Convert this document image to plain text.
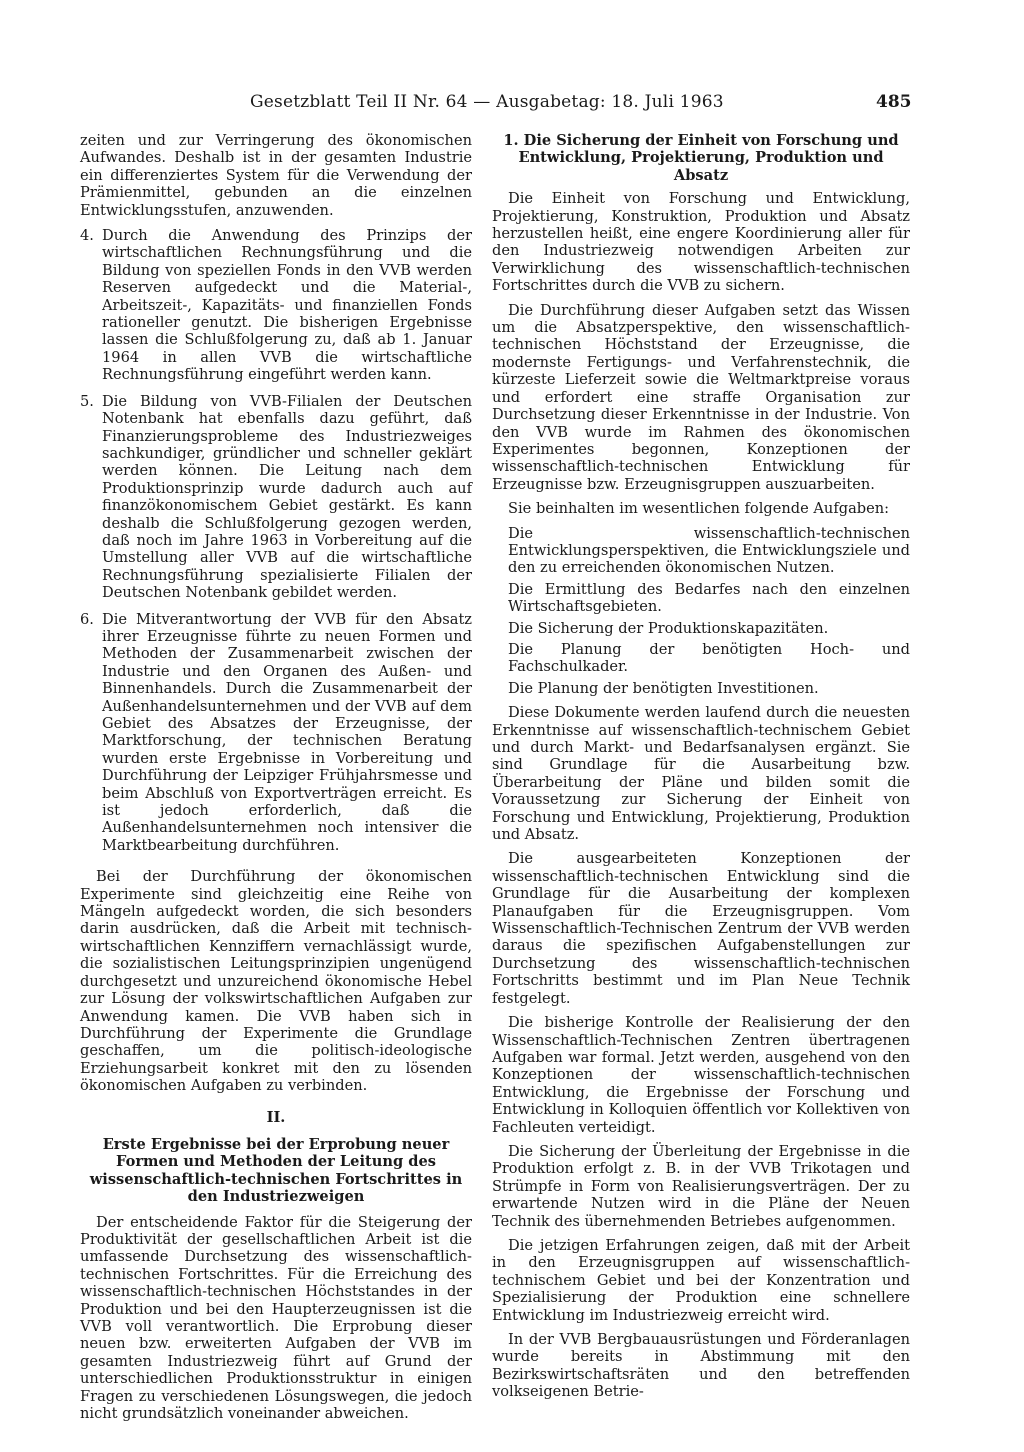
Gesetzblatt Teil II Nr. 64 — Ausgabetag: 18. Juli 1963	485

zeiten und zur Verringerung des ökonomischen Aufwandes. Deshalb ist in der gesamten Industrie ein differenziertes System für die Verwendung der Prämienmittel, gebunden an die einzelnen Entwicklungsstufen, anzuwenden.

4. Durch die Anwendung des Prinzips der wirtschaftlichen Rechnungsführung und die Bildung von speziellen Fonds in den VVB werden Reserven aufgedeckt und die Material-, Arbeitszeit-, Kapazitäts- und finanziellen Fonds rationeller genutzt. Die bisherigen Ergebnisse lassen die Schlußfolgerung zu, daß ab 1. Januar 1964 in allen VVB die wirtschaftliche Rechnungsführung eingeführt werden kann.
5. Die Bildung von VVB-Filialen der Deutschen Notenbank hat ebenfalls dazu geführt, daß Finanzierungsprobleme des Industriezweiges sachkundiger, gründlicher und schneller geklärt werden können. Die Leitung nach dem Produktionsprinzip wurde dadurch auch auf finanzökonomischem Gebiet gestärkt. Es kann deshalb die Schlußfolgerung gezogen werden, daß noch im Jahre 1963 in Vorbereitung auf die Umstellung aller VVB auf die wirtschaftliche Rechnungsführung spezialisierte Filialen der Deutschen Notenbank gebildet werden.
6. Die Mitverantwortung der VVB für den Absatz ihrer Erzeugnisse führte zu neuen Formen und Methoden der Zusammenarbeit zwischen der Industrie und den Organen des Außen- und Binnenhandels. Durch die Zusammenarbeit der Außenhandelsunternehmen und der VVB auf dem Gebiet des Absatzes der Erzeugnisse, der Marktforschung, der technischen Beratung wurden erste Ergebnisse in Vorbereitung und Durchführung der Leipziger Frühjahrsmesse und beim Abschluß von Exportverträgen erreicht. Es ist jedoch erforderlich, daß die Außenhandelsunternehmen noch intensiver die Marktbearbeitung durchführen.

Bei der Durchführung der ökonomischen Experimente sind gleichzeitig eine Reihe von Mängeln aufgedeckt worden, die sich besonders darin ausdrücken, daß die Arbeit mit technisch-wirtschaftlichen Kennziffern vernachlässigt wurde, die sozialistischen Leitungsprinzipien ungenügend durchgesetzt und unzureichend ökonomische Hebel zur Lösung der volkswirtschaftlichen Aufgaben zur Anwendung kamen. Die VVB haben sich in Durchführung der Experimente die Grundlage geschaffen, um die politisch-ideologische Erziehungsarbeit konkret mit den zu lösenden ökonomischen Aufgaben zu verbinden.

II.
Erste Ergebnisse bei der Erprobung neuer Formen und Methoden der Leitung des wissenschaftlich-technischen Fortschrittes in den Industriezweigen

Der entscheidende Faktor für die Steigerung der Produktivität der gesellschaftlichen Arbeit ist die umfassende Durchsetzung des wissenschaftlich-technischen Fortschrittes. Für die Erreichung des wissenschaftlich-technischen Höchststandes in der Produktion und bei den Haupterzeugnissen ist die VVB voll verantwortlich. Die Erprobung dieser neuen bzw. erweiterten Aufgaben der VVB im gesamten Industriezweig führt auf Grund der unterschiedlichen Produktionsstruktur in einigen Fragen zu verschiedenen Lösungswegen, die jedoch nicht grundsätzlich voneinander abweichen.

1. Die Sicherung der Einheit von Forschung und Entwicklung, Projektierung, Produktion und Absatz

Die Einheit von Forschung und Entwicklung, Projektierung, Konstruktion, Produktion und Absatz herzustellen heißt, eine engere Koordinierung aller für den Industriezweig notwendigen Arbeiten zur Verwirklichung des wissenschaftlich-technischen Fortschrittes durch die VVB zu sichern.

Die Durchführung dieser Aufgaben setzt das Wissen um die Absatzperspektive, den wissenschaftlich-technischen Höchststand der Erzeugnisse, die modernste Fertigungs- und Verfahrenstechnik, die kürzeste Lieferzeit sowie die Weltmarktpreise voraus und erfordert eine straffe Organisation zur Durchsetzung dieser Erkenntnisse in der Industrie. Von den VVB wurde im Rahmen des ökonomischen Experimentes begonnen, Konzeptionen der wissenschaftlich-technischen Entwicklung für Erzeugnisse bzw. Erzeugnisgruppen auszuarbeiten.

Sie beinhalten im wesentlichen folgende Aufgaben:

Die wissenschaftlich-technischen Entwicklungsperspektiven, die Entwicklungsziele und den zu erreichenden ökonomischen Nutzen.

Die Ermittlung des Bedarfes nach den einzelnen Wirtschaftsgebieten.

Die Sicherung der Produktionskapazitäten.

Die Planung der benötigten Hoch- und Fachschulkader.

Die Planung der benötigten Investitionen.

Diese Dokumente werden laufend durch die neuesten Erkenntnisse auf wissenschaftlich-technischem Gebiet und durch Markt- und Bedarfsanalysen ergänzt. Sie sind Grundlage für die Ausarbeitung bzw. Überarbeitung der Pläne und bilden somit die Voraussetzung zur Sicherung der Einheit von Forschung und Entwicklung, Projektierung, Produktion und Absatz.

Die ausgearbeiteten Konzeptionen der wissenschaftlich-technischen Entwicklung sind die Grundlage für die Ausarbeitung der komplexen Planaufgaben für die Erzeugnisgruppen. Vom Wissenschaftlich-Technischen Zentrum der VVB werden daraus die spezifischen Aufgabenstellungen zur Durchsetzung des wissenschaftlich-technischen Fortschritts bestimmt und im Plan Neue Technik festgelegt.

Die bisherige Kontrolle der Realisierung der den Wissenschaftlich-Technischen Zentren übertragenen Aufgaben war formal. Jetzt werden, ausgehend von den Konzeptionen der wissenschaftlich-technischen Entwicklung, die Ergebnisse der Forschung und Entwicklung in Kolloquien öffentlich vor Kollektiven von Fachleuten verteidigt.

Die Sicherung der Überleitung der Ergebnisse in die Produktion erfolgt z. B. in der VVB Trikotagen und Strümpfe in Form von Realisierungsverträgen. Der zu erwartende Nutzen wird in die Pläne der Neuen Technik des übernehmenden Betriebes aufgenommen.

Die jetzigen Erfahrungen zeigen, daß mit der Arbeit in den Erzeugnisgruppen auf wissenschaftlich-technischem Gebiet und bei der Konzentration und Spezialisierung der Produktion eine schnellere Entwicklung im Industriezweig erreicht wird.

In der VVB Bergbauausrüstungen und Förderanlagen wurde bereits in Abstimmung mit den Bezirkswirtschaftsräten und den betreffenden volkseigenen Betrie-
